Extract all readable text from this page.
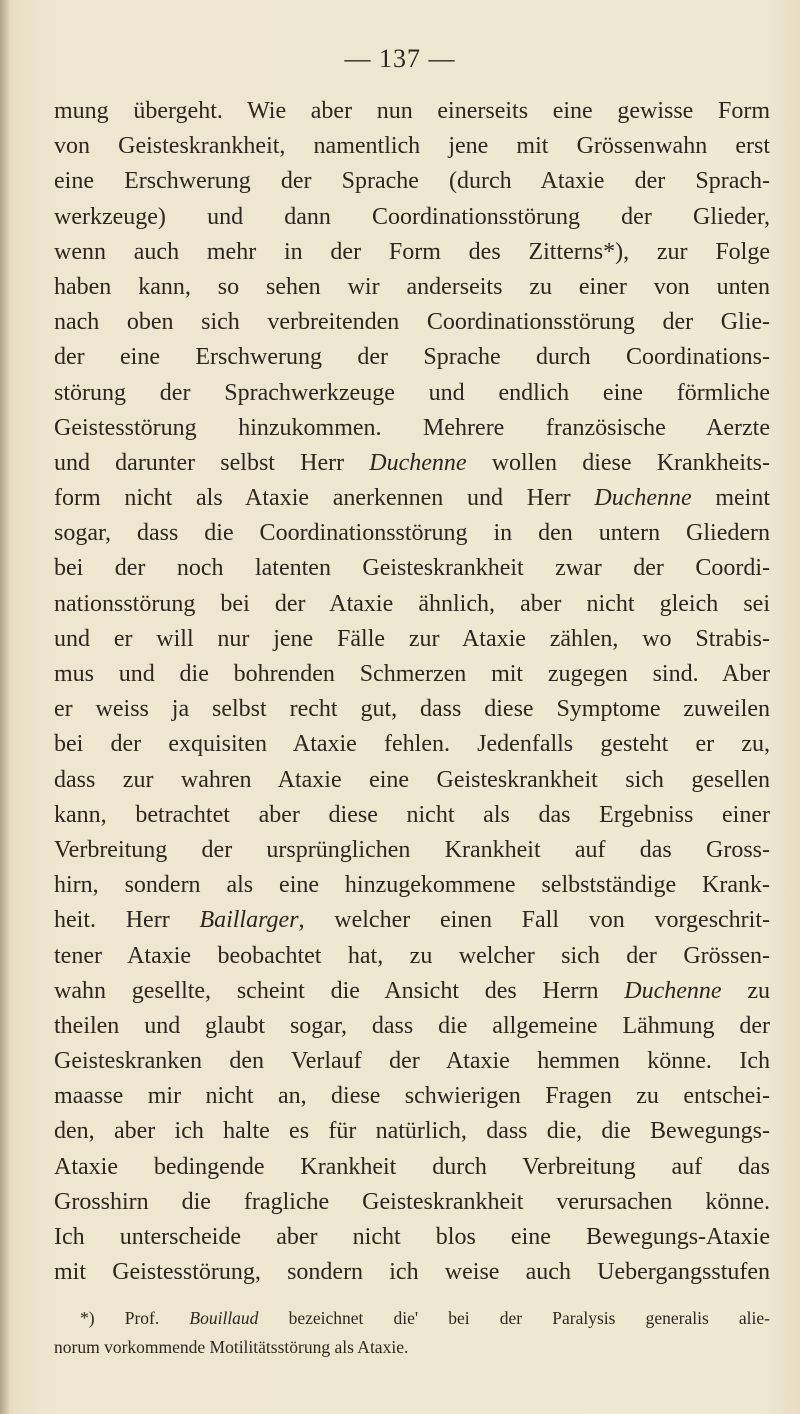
— 137 —
mung übergeht. Wie aber nun einerseits eine gewisse Form
von Geisteskrankheit, namentlich jene mit Grössenwahn erst
eine Erschwerung der Sprache (durch Ataxie der Sprach-
werkzeuge) und dann Coordinationsstörung der Glieder,
wenn auch mehr in der Form des Zitterns*), zur Folge
haben kann, so sehen wir anderseits zu einer von unten
nach oben sich verbreitenden Coordinationsstörung der Glie-
der eine Erschwerung der Sprache durch Coordinations-
störung der Sprachwerkzeuge und endlich eine förmliche
Geistesstörung hinzukommen. Mehrere französische Aerzte
und darunter selbst Herr Duchenne wollen diese Krankheits-
form nicht als Ataxie anerkennen und Herr Duchenne meint
sogar, dass die Coordinationsstörung in den untern Gliedern
bei der noch latenten Geisteskrankheit zwar der Coordi-
nationsstörung bei der Ataxie ähnlich, aber nicht gleich sei
und er will nur jene Fälle zur Ataxie zählen, wo Strabis-
mus und die bohrenden Schmerzen mit zugegen sind. Aber
er weiss ja selbst recht gut, dass diese Symptome zuweilen
bei der exquisiten Ataxie fehlen. Jedenfalls gesteht er zu,
dass zur wahren Ataxie eine Geisteskrankheit sich gesellen
kann, betrachtet aber diese nicht als das Ergebniss einer
Verbreitung der ursprünglichen Krankheit auf das Gross-
hirn, sondern als eine hinzugekommene selbstständige Krank-
heit. Herr Baillarger, welcher einen Fall von vorgeschrit-
tener Ataxie beobachtet hat, zu welcher sich der Grössen-
wahn gesellte, scheint die Ansicht des Herrn Duchenne zu
theilen und glaubt sogar, dass die allgemeine Lähmung der
Geisteskranken den Verlauf der Ataxie hemmen könne. Ich
maasse mir nicht an, diese schwierigen Fragen zu entschei-
den, aber ich halte es für natürlich, dass die, die Bewegungs-
Ataxie bedingende Krankheit durch Verbreitung auf das
Grosshirn die fragliche Geisteskrankheit verursachen könne.
Ich unterscheide aber nicht blos eine Bewegungs-Ataxie
mit Geistesstörung, sondern ich weise auch Uebergangsstufen
*) Prof. Bouillaud bezeichnet die' bei der Paralysis generalis alie-
norum vorkommende Motilitätsstörung als Ataxie.
